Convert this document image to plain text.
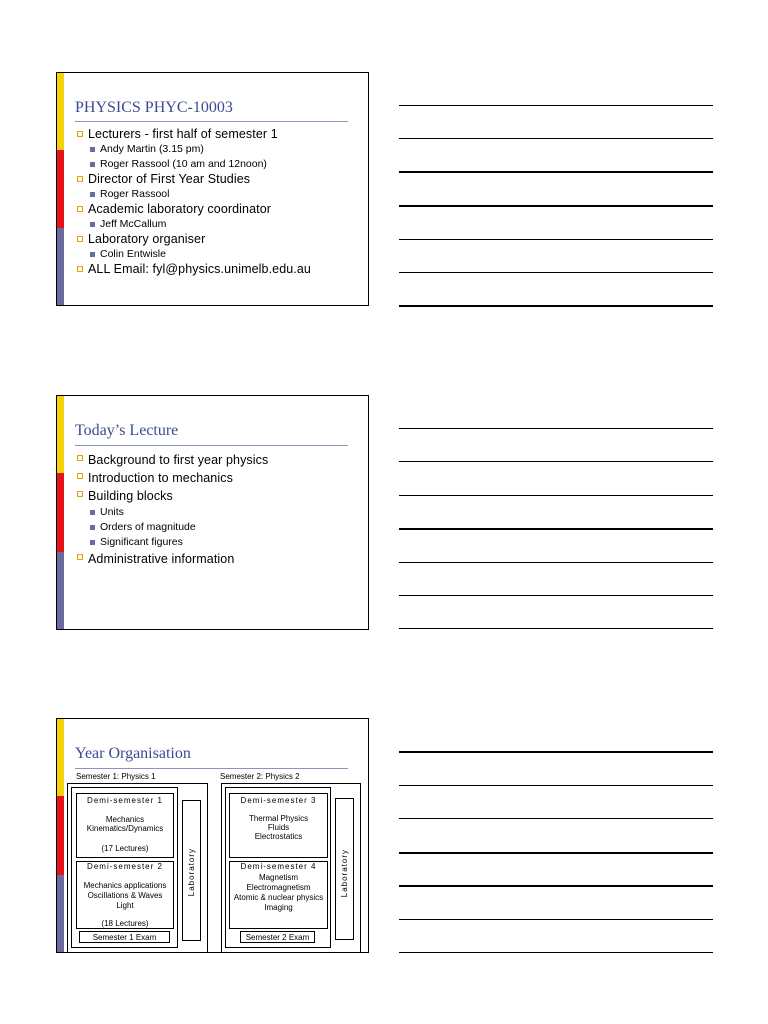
PHYSICS PHYC-10003
Lecturers - first half of semester 1
Andy Martin (3.15 pm)
Roger Rassool (10 am and 12noon)
Director of First Year Studies
Roger Rassool
Academic laboratory coordinator
Jeff McCallum
Laboratory organiser
Colin Entwisle
ALL Email: fyl@physics.unimelb.edu.au
Today’s Lecture
Background to first year physics
Introduction to mechanics
Building blocks
Units
Orders of magnitude
Significant figures
Administrative information
Year Organisation
Semester 1: Physics 1
Demi-semester 1
Mechanics
Kinematics/Dynamics
(17 Lectures)
Demi-semester 2
Mechanics applications
Oscillations & Waves
Light
(18 Lectures)
Semester 1 Exam
Laboratory
Semester 2: Physics 2
Demi-semester 3
Thermal Physics
Fluids
Electrostatics
Demi-semester 4
Magnetism
Electromagnetism
Atomic & nuclear physics
Imaging
Semester 2 Exam
Laboratory
